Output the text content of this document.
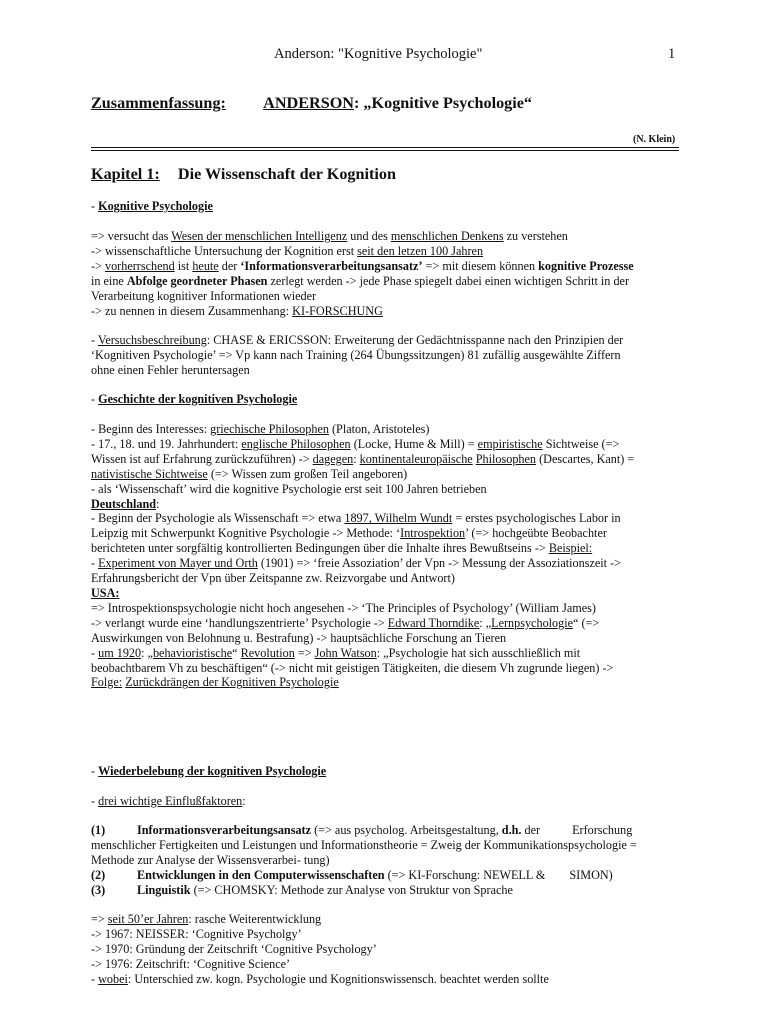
Anderson: "Kognitive Psychologie"	1
Zusammenfassung: ANDERSON: „Kognitive Psychologie“
(N. Klein)
Kapitel 1: Die Wissenschaft der Kognition
- Kognitive Psychologie
=> versucht das Wesen der menschlichen Intelligenz und des menschlichen Denkens zu verstehen
-> wissenschaftliche Untersuchung der Kognition erst seit den letzen 100 Jahren
-> vorherrschend ist heute der ‘Informationsverarbeitungsansatz’ => mit diesem können kognitive Prozesse
in eine Abfolge geordneter Phasen zerlegt werden -> jede Phase spiegelt dabei einen wichtigen Schritt in der
Verarbeitung kognitiver Informationen wieder
-> zu nennen in diesem Zusammenhang: KI-FORSCHUNG
- Versuchsbeschreibung: CHASE & ERICSSON: Erweiterung der Gedächtnisspanne nach den Prinzipien der
‘Kognitiven Psychologie’ => Vp kann nach Training (264 Übungssitzungen) 81 zufällig ausgewählte Ziffern
ohne einen Fehler heruntersagen
- Geschichte der kognitiven Psychologie
- Beginn des Interesses: griechische Philosophen (Platon, Aristoteles)
- 17., 18. und 19. Jahrhundert: englische Philosophen (Locke, Hume & Mill) = empiristische Sichtweise (=>
Wissen ist auf Erfahrung zurückzuführen) -> dagegen: kontinentaleuropäische Philosophen (Descartes, Kant) =
nativistische Sichtweise (=> Wissen zum großen Teil angeboren)
- als ‘Wissenschaft’ wird die kognitive Psychologie erst seit 100 Jahren betrieben
Deutschland:
- Beginn der Psychologie als Wissenschaft => etwa 1897, Wilhelm Wundt = erstes psychologisches Labor in
Leipzig mit Schwerpunkt Kognitive Psychologie -> Methode: ‘Introspektion’ (=> hochgeübte Beobachter
berichteten unter sorgfältig kontrollierten Bedingungen über die Inhalte ihres Bewußtseins -> Beispiel:
- Experiment von Mayer und Orth (1901) => ‘freie Assoziation’ der Vpn -> Messung der Assoziationszeit ->
Erfahrungsbericht der Vpn über Zeitspanne zw. Reizvorgabe und Antwort)
USA:
=> Introspektionspsychologie nicht hoch angesehen -> ‘The Principles of Psychology’ (William James)
-> verlangt wurde eine ‘handlungszentrierte’ Psychologie -> Edward Thorndike: „Lernpsychologie“ (=>
Auswirkungen von Belohnung u. Bestrafung) -> hauptsächliche Forschung an Tieren
- um 1920: „behavioristische“ Revolution => John Watson: „Psychologie hat sich ausschließlich mit
beobachtbarem Vh zu beschäftigen“ (-> nicht mit geistigen Tätigkeiten, die diesem Vh zugrunde liegen) ->
Folge: Zurückdrängen der Kognitiven Psychologie
- Wiederbelebung der kognitiven Psychologie
- drei wichtige Einflußfaktoren:
(1)	Informationsverarbeitungsansatz (=> aus psycholog. Arbeitsgestaltung, d.h. der	Erforschung
menschlicher Fertigkeiten und Leistungen und Informationstheorie = Zweig der Kommunikationspsychologie =
Methode zur Analyse der Wissensverarbei- tung)
(2)	Entwicklungen in den Computerwissenschaften (=> KI-Forschung: NEWELL & SIMON)
(3)	Linguistik (=> CHOMSKY: Methode zur Analyse von Struktur von Sprache
=> seit 50’er Jahren: rasche Weiterentwicklung
-> 1967: NEISSER: ‘Cognitive Psycholgy’
-> 1970: Gründung der Zeitschrift ‘Cognitive Psychology’
-> 1976: Zeitschrift: ‘Cognitive Science’
- wobei: Unterschied zw. kogn. Psychologie und Kognitionswissensch. beachtet werden sollte
